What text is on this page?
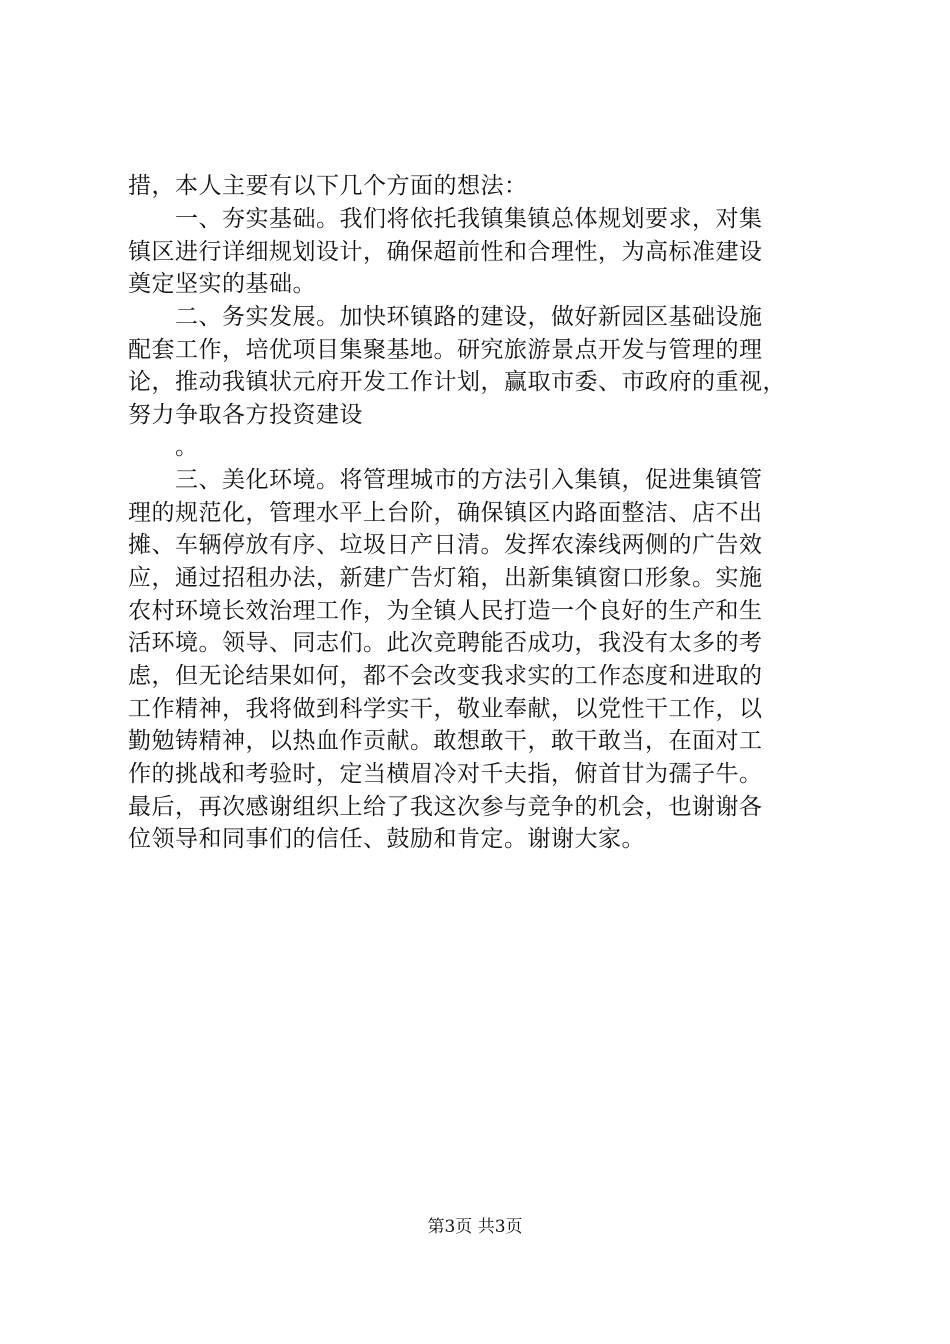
措，本人主要有以下几个方面的想法：
　　一、夯实基础。我们将依托我镇集镇总体规划要求，对集
镇区进行详细规划设计，确保超前性和合理性，为高标准建设
奠定坚实的基础。
　　二、务实发展。加快环镇路的建设，做好新园区基础设施
配套工作，培优项目集聚基地。研究旅游景点开发与管理的理
论，推动我镇状元府开发工作计划，赢取市委、市政府的重视，
努力争取各方投资建设
　　。
　　三、美化环境。将管理城市的方法引入集镇，促进集镇管
理的规范化，管理水平上台阶，确保镇区内路面整洁、店不出
摊、车辆停放有序、垃圾日产日清。发挥农溱线两侧的广告效
应，通过招租办法，新建广告灯箱，出新集镇窗口形象。实施
农村环境长效治理工作，为全镇人民打造一个良好的生产和生
活环境。领导、同志们。此次竞聘能否成功，我没有太多的考
虑，但无论结果如何，都不会改变我求实的工作态度和进取的
工作精神，我将做到科学实干，敬业奉献，以党性干工作，以
勤勉铸精神，以热血作贡献。敢想敢干，敢干敢当，在面对工
作的挑战和考验时，定当横眉冷对千夫指，俯首甘为孺子牛。
最后，再次感谢组织上给了我这次参与竞争的机会，也谢谢各
位领导和同事们的信任、鼓励和肯定。谢谢大家。
第3页 共3页
